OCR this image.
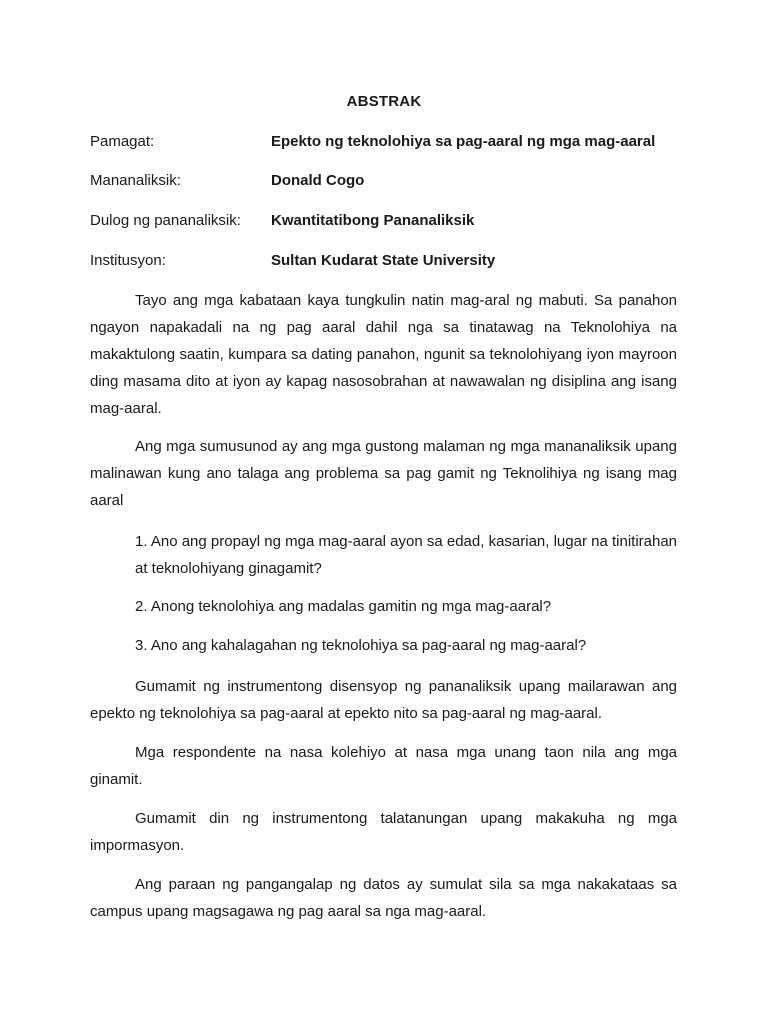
ABSTRAK
Pamagat:	Epekto ng teknolohiya sa pag-aaral ng mga mag-aaral
Mananaliksik:	Donald Cogo
Dulog ng pananaliksik: Kwantitatibong Pananaliksik
Institusyon:	Sultan Kudarat State University

Tayo ang mga kabataan kaya tungkulin natin mag-aral ng mabuti. Sa panahon ngayon napakadali na ng pag aaral dahil nga sa tinatawag na Teknolohiya na makaktulong saatin, kumpara sa dating panahon, ngunit sa teknolohiyang iyon mayroon ding masama dito at iyon ay kapag nasosobrahan at nawawalan ng disiplina ang isang mag-aaral.

Ang mga sumusunod ay ang mga gustong malaman ng mga mananaliksik upang malinawan kung ano talaga ang problema sa pag gamit ng Teknolihiya ng isang mag aaral

1. Ano ang propayl ng mga mag-aaral ayon sa edad, kasarian, lugar na tinitirahan at teknolohiyang ginagamit?

2. Anong teknolohiya ang madalas gamitin ng mga mag-aaral?

3. Ano ang kahalagahan ng teknolohiya sa pag-aaral ng mag-aaral?

Gumamit ng instrumentong disensyop ng pananaliksik upang mailarawan ang epekto ng teknolohiya sa pag-aaral at epekto nito sa pag-aaral ng mag-aaral.

Mga respondente na nasa kolehiyo at nasa mga unang taon nila ang mga ginamit.

Gumamit din ng instrumentong talatanungan upang makakuha ng mga impormasyon.

Ang paraan ng pangangalap ng datos ay sumulat sila sa mga nakakataas sa campus upang magsagawa ng pag aaral sa nga mag-aaral.
